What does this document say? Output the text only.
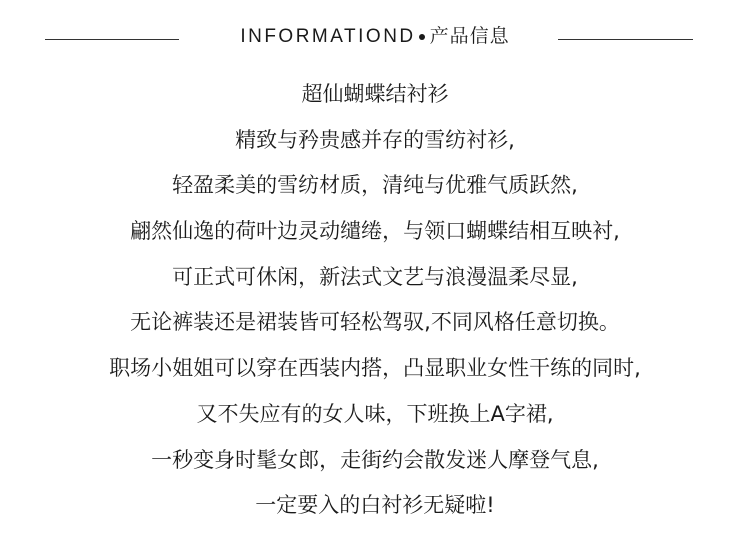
INFORMATIOND 产品信息
超仙蝴蝶结衬衫
精致与矜贵感并存的雪纺衬衫,
轻盈柔美的雪纺材质，清纯与优雅气质跃然,
翩然仙逸的荷叶边灵动缱绻，与领口蝴蝶结相互映衬,
可正式可休闲，新法式文艺与浪漫温柔尽显,
无论裤装还是裙装皆可轻松驾驭,不同风格任意切换。
职场小姐姐可以穿在西装内搭，凸显职业女性干练的同时,
又不失应有的女人味，下班换上A字裙,
一秒变身时髦女郎，走街约会散发迷人摩登气息,
一定要入的白衬衫无疑啦!
